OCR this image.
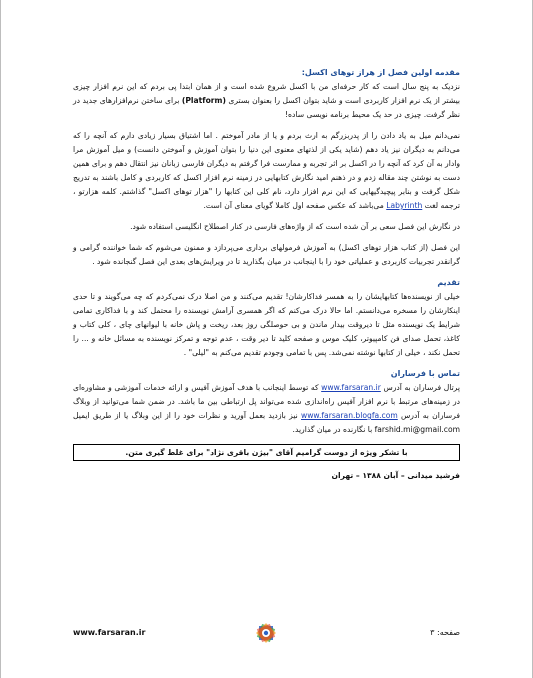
مقدمه اولین فصل از هراز توهای اکسل:

نزدیک به پنج سال است که کار حرفه‌ای من با اکسل شروع شده است و از همان ابتدا پی بردم که این نرم افزار چیزی بیشتر از یک نرم افزار کاربردی است و شاید بتوان اکسل را بعنوان بستری (Platform) برای ساختن نرم‌افزارهای جدید در نظر گرفت. چیزی در حد یک محیط برنامه نویسی ساده!

نمی‌دانم میل به یاد دادن را از پدربزرگم به ارث بردم و یا از مادر آموختم . اما اشتیاق بسیار زیادی دارم که آنچه را که می‌دانم به دیگران نیز یاد دهم (شاید یکی از لذتهای معنوی این دنیا را بتوان آموزش و آموختن دانست) و میل آموزش مرا وادار به آن کرد که آنچه را در اکسل بر اثر تجربه و ممارست فرا گرفتم به دیگران فارسی زبانان نیز انتقال دهم و برای همین دست به نوشتن چند مقاله زدم و در ذهنم امید نگارش کتابهایی در زمینه نرم افزار اکسل که کاربردی و کامل باشند به تدریج شکل گرفت و بنابر پیچیدگیهایی که این نرم افزار دارد، نام کلی این کتابها را "هزار توهای اکسل" گذاشتم. کلمه هزارتو ، ترجمه لغت Labyrinth می‌باشد که عکس صفحه اول کاملا گویای معنای آن است.

در نگارش این فصل سعی بر آن شده است که از واژه‌های فارسی در کنار اصطلاح انگلیسی استفاده شود.

این فصل (از کتاب هزار توهای اکسل) به آموزش فرمولهای برداری می‌پردازد و ممنون می‌شوم که شما خواننده گرامی و گرانقدر تجربیات کاربردی و عملیاتی خود را با اینجانب در میان بگذارید تا در ویرایش‌های بعدی این فصل گنجانده شود .

تقدیم

خیلی از نویسنده‌ها کتابهایشان را به همسر فداکارشان! تقدیم می‌کنند و من اصلا درک نمی‌کردم که چه می‌گویند و تا حدی اینکارشان را مسخره می‌دانستم. اما حالا درک می‌کنم که اگر همسری آرامش نویسنده را محتمل کند و با فداکاری تمامی شرایط یک نویسنده مثل تا دیروقت بیدار ماندن و بی حوصلگی روز بعد، ریخت و پاش خانه با لیوانهای چای ، کلی کتاب و کاغذ، تحمل صدای فن کامپیوتر، کلیک موس و صفحه کلید تا دیر وقت ، عدم توجه و تمرکز نویسنده به مسائل خانه و ... را تحمل نکند ، خیلی از کتابها نوشته نمی‌شد. پس با تمامی وجودم تقدیم می‌کنم به "لیلی" .

تماس با فرساران

پرتال فرساران به آدرس www.farsaran.ir که توسط اینجانب با هدف آموزش آفیس و ارائه خدمات آموزشی و مشاوره‌ای در زمینه‌های مرتبط با نرم افزار آفیس راه‌اندازی شده می‌تواند پل ارتباطی بین ما باشد. در ضمن شما می‌توانید از وبلاگ فرساران به آدرس www.farsaran.blogfa.com نیز بازدید بعمل آورید و نظرات خود را از این وبلاگ یا از طریق ایمیل farshid.mi@gmail.com با نگارنده در میان گذارید.

با تشکر ویژه از دوست گرامیم آقای "بیژن باقری نژاد" برای غلط گیری متن.
فرشید میدانی – آبان ۱۳۸۸ – تهران
www.farsaran.ir	صفحه: ۳
